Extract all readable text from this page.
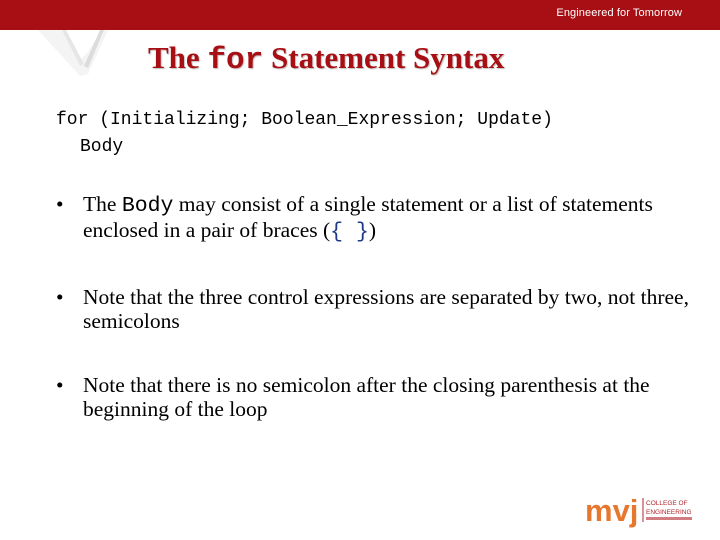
Engineered for Tomorrow
The for Statement Syntax
for (Initializing; Boolean_Expression; Update)
Body
• The Body may consist of a single statement or a list of statements enclosed in a pair of braces ({ })
• Note that the three control expressions are separated by two, not three, semicolons
• Note that there is no semicolon after the closing parenthesis at the beginning of the loop
mvj COLLEGE OF
ENGINEERING
